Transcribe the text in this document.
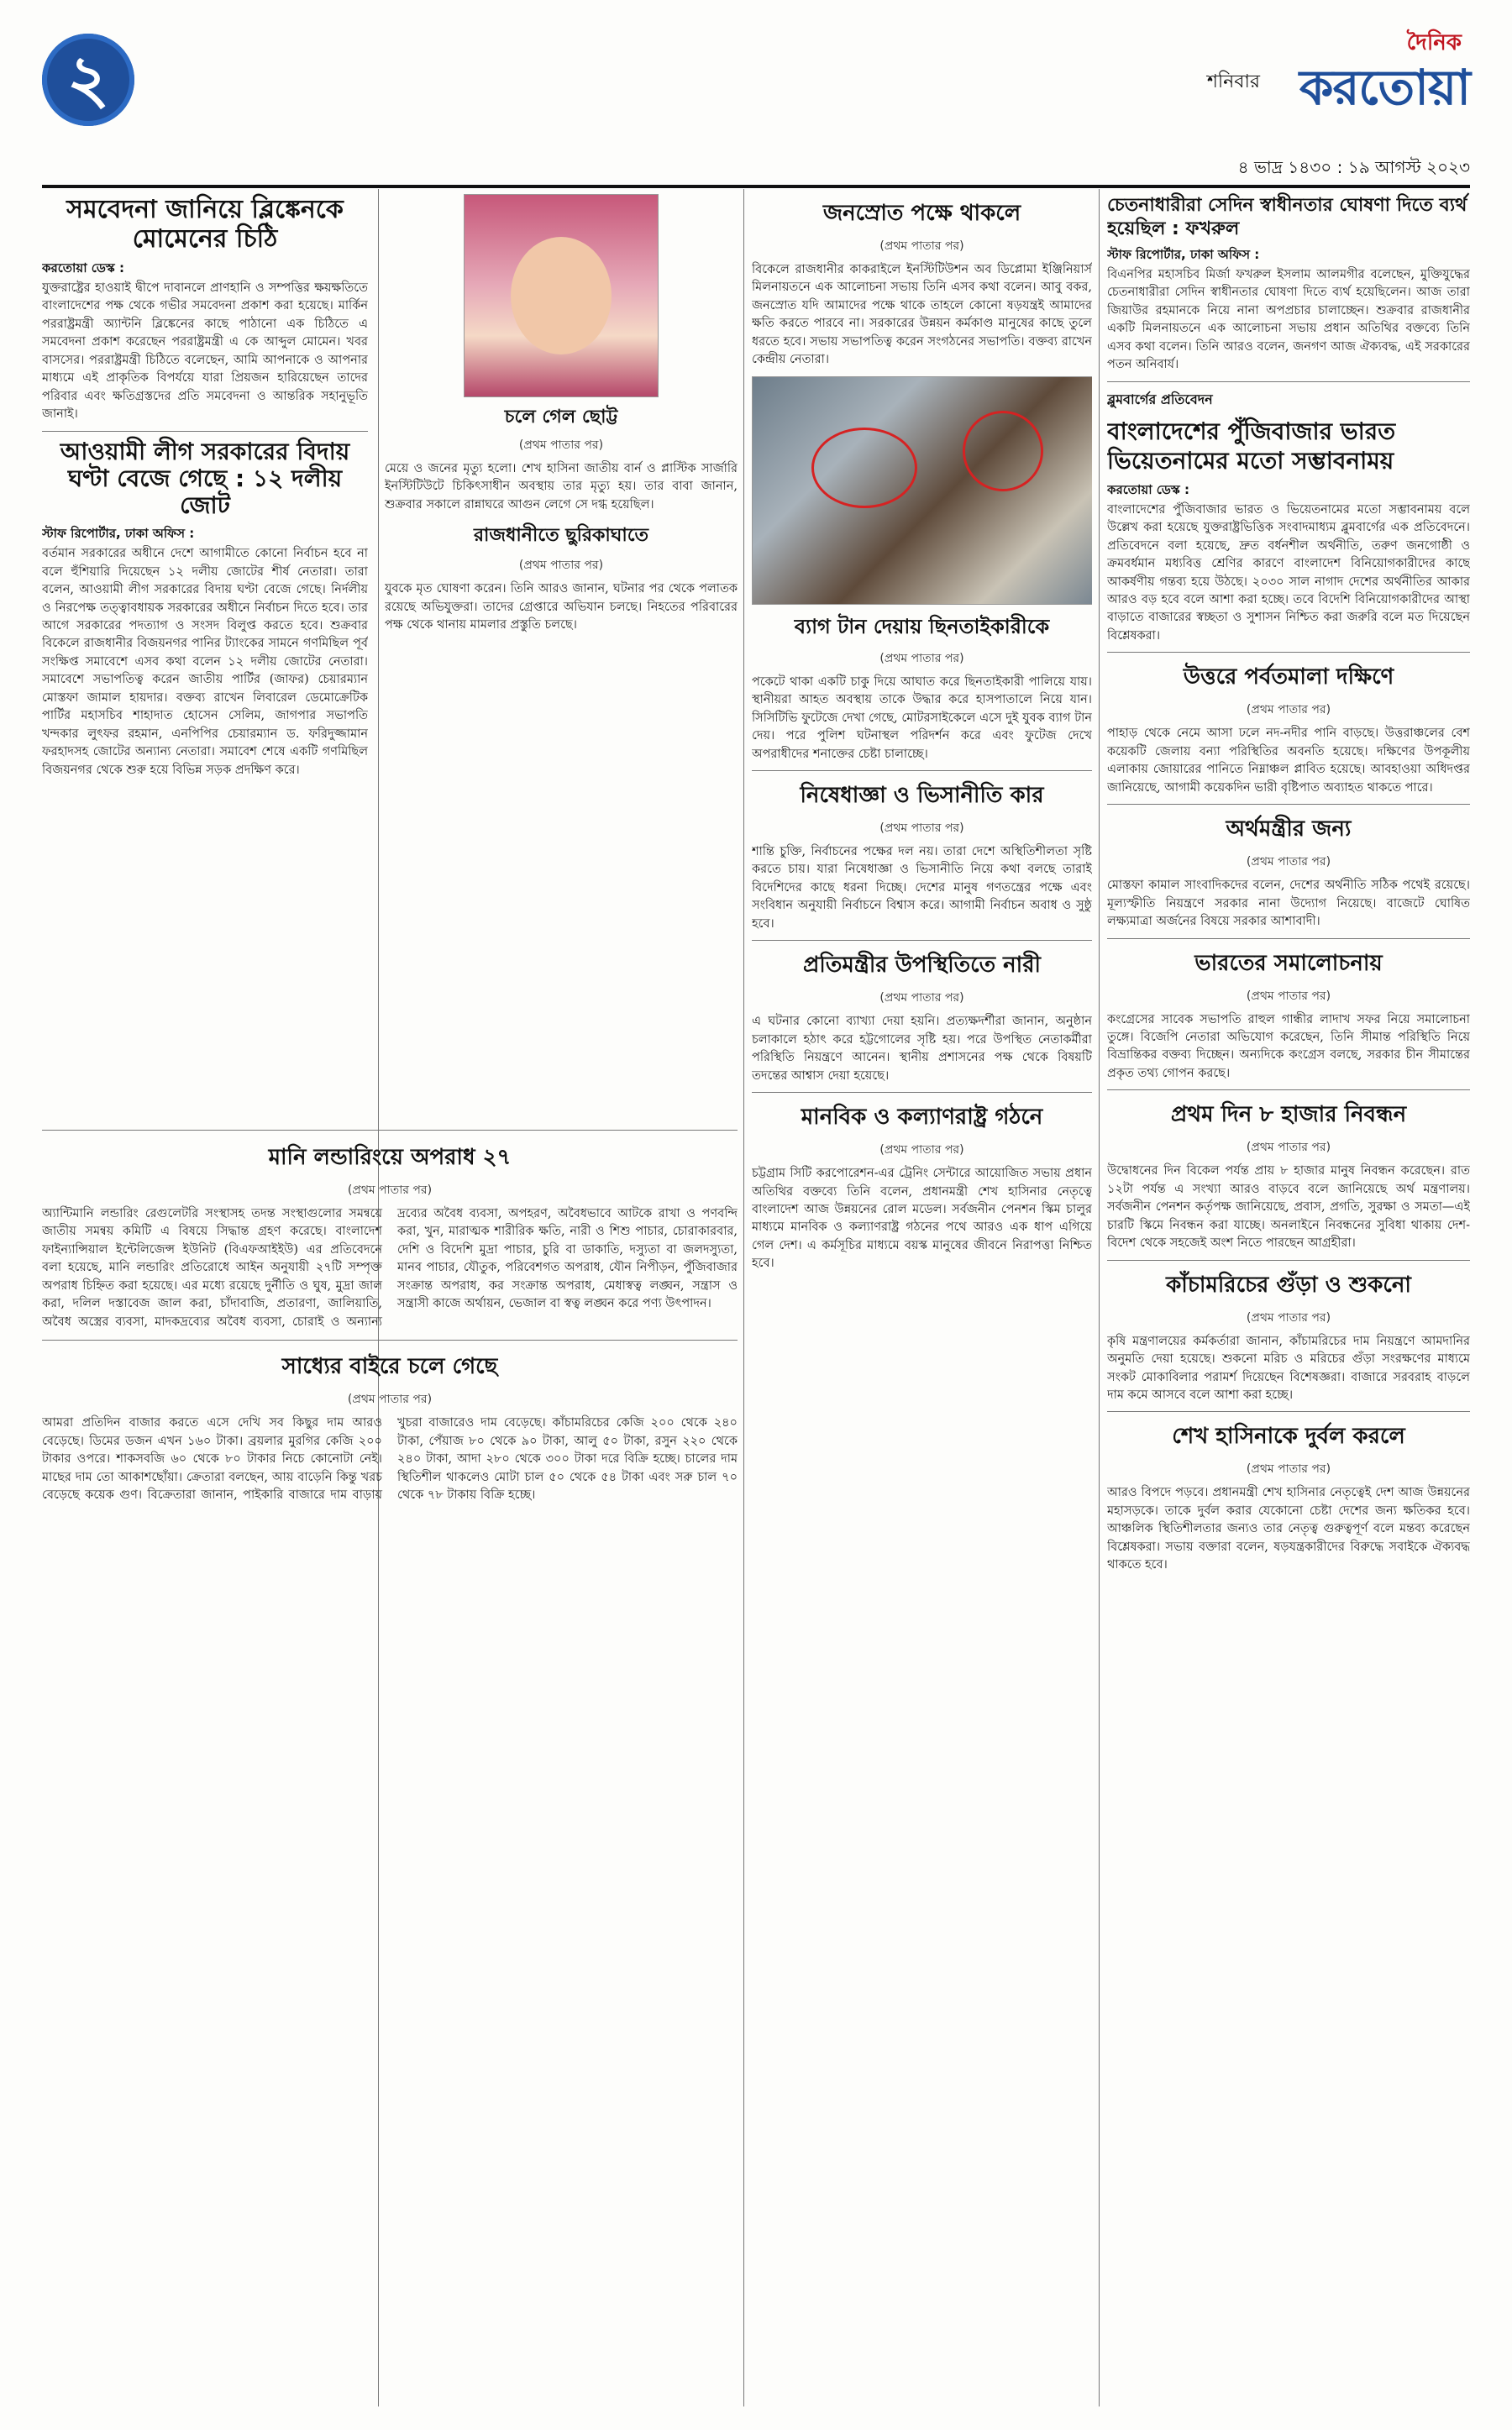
২	শনিবার
দৈনিক
করতোয়া
৪ ভাদ্র ১৪৩০ : ১৯ আগস্ট ২০২৩
সমবেদনা জানিয়ে ব্লিঙ্কেনকে মোমেনের চিঠি
করতোয়া ডেস্ক :

যুক্তরাষ্ট্রের হাওয়াই দ্বীপে দাবানলে প্রাণহানি ও সম্পত্তির ক্ষয়ক্ষতিতে বাংলাদেশের পক্ষ থেকে গভীর সমবেদনা প্রকাশ করা হয়েছে। মার্কিন পররাষ্ট্রমন্ত্রী অ্যান্টনি ব্লিঙ্কেনের কাছে পাঠানো এক চিঠিতে এ সমবেদনা প্রকাশ করেছেন পররাষ্ট্রমন্ত্রী এ কে আব্দুল মোমেন। খবর বাসসের। পররাষ্ট্রমন্ত্রী চিঠিতে বলেছেন, আমি আপনাকে ও আপনার মাধ্যমে এই প্রাকৃতিক বিপর্যয়ে যারা প্রিয়জন হারিয়েছেন তাদের পরিবার এবং ক্ষতিগ্রস্তদের প্রতি সমবেদনা ও আন্তরিক সহানুভূতি জানাই।

আওয়ামী লীগ সরকারের বিদায় ঘণ্টা বেজে গেছে : ১২ দলীয় জোট
স্টাফ রিপোর্টার, ঢাকা অফিস :

বর্তমান সরকারের অধীনে দেশে আগামীতে কোনো নির্বাচন হবে না বলে হুঁশিয়ারি দিয়েছেন ১২ দলীয় জোটের শীর্ষ নেতারা। তারা বলেন, আওয়ামী লীগ সরকারের বিদায় ঘণ্টা বেজে গেছে। নির্দলীয় ও নিরপেক্ষ তত্ত্বাবধায়ক সরকারের অধীনে নির্বাচন দিতে হবে। তার আগে সরকারের পদত্যাগ ও সংসদ বিলুপ্ত করতে হবে। শুক্রবার বিকেলে রাজধানীর বিজয়নগর পানির ট্যাংকের সামনে গণমিছিল পূর্ব সংক্ষিপ্ত সমাবেশে এসব কথা বলেন ১২ দলীয় জোটের নেতারা। সমাবেশে সভাপতিত্ব করেন জাতীয় পার্টির (জাফর) চেয়ারম্যান মোস্তফা জামাল হায়দার। বক্তব্য রাখেন লিবারেল ডেমোক্রেটিক পার্টির মহাসচিব শাহাদাত হোসেন সেলিম, জাগপার সভাপতি খন্দকার লুৎফর রহমান, এনপিপির চেয়ারম্যান ড. ফরিদুজ্জামান ফরহাদসহ জোটের অন্যান্য নেতারা। সমাবেশ শেষে একটি গণমিছিল বিজয়নগর থেকে শুরু হয়ে বিভিন্ন সড়ক প্রদক্ষিণ করে।

চলে গেল ছোট্ট
(প্রথম পাতার পর)

মেয়ে ও জনের মৃত্যু হলো। শেখ হাসিনা জাতীয় বার্ন ও প্লাস্টিক সার্জারি ইনস্টিটিউটে চিকিৎসাধীন অবস্থায় তার মৃত্যু হয়। তার বাবা জানান, শুক্রবার সকালে রান্নাঘরে আগুন লেগে সে দগ্ধ হয়েছিল।

রাজধানীতে ছুরিকাঘাতে
(প্রথম পাতার পর)

যুবকে মৃত ঘোষণা করেন। তিনি আরও জানান, ঘটনার পর থেকে পলাতক রয়েছে অভিযুক্তরা। তাদের গ্রেপ্তারে অভিযান চলছে। নিহতের পরিবারের পক্ষ থেকে থানায় মামলার প্রস্তুতি চলছে।

মানি লন্ডারিংয়ে অপরাধ ২৭
(প্রথম পাতার পর)

অ্যান্টিমানি লন্ডারিং রেগুলেটরি সংস্থাসহ তদন্ত সংস্থাগুলোর সমন্বয়ে জাতীয় সমন্বয় কমিটি এ বিষয়ে সিদ্ধান্ত গ্রহণ করেছে। বাংলাদেশ ফাইন্যান্সিয়াল ইন্টেলিজেন্স ইউনিট (বিএফআইইউ) এর প্রতিবেদনে বলা হয়েছে, মানি লন্ডারিং প্রতিরোধে আইন অনুযায়ী ২৭টি সম্পৃক্ত অপরাধ চিহ্নিত করা হয়েছে। এর মধ্যে রয়েছে দুর্নীতি ও ঘুষ, মুদ্রা জাল করা, দলিল দস্তাবেজ জাল করা, চাঁদাবাজি, প্রতারণা, জালিয়াতি, অবৈধ অস্ত্রের ব্যবসা, মাদকদ্রব্যের অবৈধ ব্যবসা, চোরাই ও অন্যান্য দ্রব্যের অবৈধ ব্যবসা, অপহরণ, অবৈধভাবে আটকে রাখা ও পণবন্দি করা, খুন, মারাত্মক শারীরিক ক্ষতি, নারী ও শিশু পাচার, চোরাকারবার, দেশি ও বিদেশি মুদ্রা পাচার, চুরি বা ডাকাতি, দস্যুতা বা জলদস্যুতা, মানব পাচার, যৌতুক, পরিবেশগত অপরাধ, যৌন নিপীড়ন, পুঁজিবাজার সংক্রান্ত অপরাধ, কর সংক্রান্ত অপরাধ, মেধাস্বত্ব লঙ্ঘন, সন্ত্রাস ও সন্ত্রাসী কাজে অর্থায়ন, ভেজাল বা স্বত্ব লঙ্ঘন করে পণ্য উৎপাদন।

সাধ্যের বাইরে চলে গেছে
(প্রথম পাতার পর)

আমরা প্রতিদিন বাজার করতে এসে দেখি সব কিছুর দাম আরও বেড়েছে। ডিমের ডজন এখন ১৬০ টাকা। ব্রয়লার মুরগির কেজি ২০০ টাকার ওপরে। শাকসবজি ৬০ থেকে ৮০ টাকার নিচে কোনোটা নেই। মাছের দাম তো আকাশছোঁয়া। ক্রেতারা বলছেন, আয় বাড়েনি কিন্তু খরচ বেড়েছে কয়েক গুণ। বিক্রেতারা জানান, পাইকারি বাজারে দাম বাড়ায় খুচরা বাজারেও দাম বেড়েছে। কাঁচামরিচের কেজি ২০০ থেকে ২৪০ টাকা, পেঁয়াজ ৮০ থেকে ৯০ টাকা, আলু ৫০ টাকা, রসুন ২২০ থেকে ২৪০ টাকা, আদা ২৮০ থেকে ৩০০ টাকা দরে বিক্রি হচ্ছে। চালের দাম স্থিতিশীল থাকলেও মোটা চাল ৫০ থেকে ৫৪ টাকা এবং সরু চাল ৭০ থেকে ৭৮ টাকায় বিক্রি হচ্ছে।

জনস্রোত পক্ষে থাকলে
(প্রথম পাতার পর)

বিকেলে রাজধানীর কাকরাইলে ইনস্টিটিউশন অব ডিপ্লোমা ইঞ্জিনিয়ার্স মিলনায়তনে এক আলোচনা সভায় তিনি এসব কথা বলেন। আবু বকর, জনস্রোত যদি আমাদের পক্ষে থাকে তাহলে কোনো ষড়যন্ত্রই আমাদের ক্ষতি করতে পারবে না। সরকারের উন্নয়ন কর্মকাণ্ড মানুষের কাছে তুলে ধরতে হবে। সভায় সভাপতিত্ব করেন সংগঠনের সভাপতি। বক্তব্য রাখেন কেন্দ্রীয় নেতারা।

ব্যাগ টান দেয়ায় ছিনতাইকারীকে
(প্রথম পাতার পর)

পকেটে থাকা একটি চাকু দিয়ে আঘাত করে ছিনতাইকারী পালিয়ে যায়। স্থানীয়রা আহত অবস্থায় তাকে উদ্ধার করে হাসপাতালে নিয়ে যান। সিসিটিভি ফুটেজে দেখা গেছে, মোটরসাইকেলে এসে দুই যুবক ব্যাগ টান দেয়। পরে পুলিশ ঘটনাস্থল পরিদর্শন করে এবং ফুটেজ দেখে অপরাধীদের শনাক্তের চেষ্টা চালাচ্ছে।

নিষেধাজ্ঞা ও ভিসানীতি কার
(প্রথম পাতার পর)

শান্তি চুক্তি, নির্বাচনের পক্ষের দল নয়। তারা দেশে অস্থিতিশীলতা সৃষ্টি করতে চায়। যারা নিষেধাজ্ঞা ও ভিসানীতি নিয়ে কথা বলছে তারাই বিদেশিদের কাছে ধরনা দিচ্ছে। দেশের মানুষ গণতন্ত্রের পক্ষে এবং সংবিধান অনুযায়ী নির্বাচনে বিশ্বাস করে। আগামী নির্বাচন অবাধ ও সুষ্ঠু হবে।

প্রতিমন্ত্রীর উপস্থিতিতে নারী
(প্রথম পাতার পর)

এ ঘটনার কোনো ব্যাখ্যা দেয়া হয়নি। প্রত্যক্ষদর্শীরা জানান, অনুষ্ঠান চলাকালে হঠাৎ করে হট্টগোলের সৃষ্টি হয়। পরে উপস্থিত নেতাকর্মীরা পরিস্থিতি নিয়ন্ত্রণে আনেন। স্থানীয় প্রশাসনের পক্ষ থেকে বিষয়টি তদন্তের আশ্বাস দেয়া হয়েছে।

মানবিক ও কল্যাণরাষ্ট্র গঠনে
(প্রথম পাতার পর)

চট্টগ্রাম সিটি করপোরেশন-এর ট্রেনিং সেন্টারে আয়োজিত সভায় প্রধান অতিথির বক্তব্যে তিনি বলেন, প্রধানমন্ত্রী শেখ হাসিনার নেতৃত্বে বাংলাদেশ আজ উন্নয়নের রোল মডেল। সর্বজনীন পেনশন স্কিম চালুর মাধ্যমে মানবিক ও কল্যাণরাষ্ট্র গঠনের পথে আরও এক ধাপ এগিয়ে গেল দেশ। এ কর্মসূচির মাধ্যমে বয়স্ক মানুষের জীবনে নিরাপত্তা নিশ্চিত হবে।

চেতনাধারীরা সেদিন স্বাধীনতার ঘোষণা দিতে ব্যর্থ হয়েছিল : ফখরুল
স্টাফ রিপোর্টার, ঢাকা অফিস :

বিএনপির মহাসচিব মির্জা ফখরুল ইসলাম আলমগীর বলেছেন, মুক্তিযুদ্ধের চেতনাধারীরা সেদিন স্বাধীনতার ঘোষণা দিতে ব্যর্থ হয়েছিলেন। আজ তারা জিয়াউর রহমানকে নিয়ে নানা অপপ্রচার চালাচ্ছেন। শুক্রবার রাজধানীর একটি মিলনায়তনে এক আলোচনা সভায় প্রধান অতিথির বক্তব্যে তিনি এসব কথা বলেন। তিনি আরও বলেন, জনগণ আজ ঐক্যবদ্ধ, এই সরকারের পতন অনিবার্য।

ব্লুমবার্গের প্রতিবেদন
বাংলাদেশের পুঁজিবাজার ভারত ভিয়েতনামের মতো সম্ভাবনাময়
করতোয়া ডেস্ক :

বাংলাদেশের পুঁজিবাজার ভারত ও ভিয়েতনামের মতো সম্ভাবনাময় বলে উল্লেখ করা হয়েছে যুক্তরাষ্ট্রভিত্তিক সংবাদমাধ্যম ব্লুমবার্গের এক প্রতিবেদনে। প্রতিবেদনে বলা হয়েছে, দ্রুত বর্ধনশীল অর্থনীতি, তরুণ জনগোষ্ঠী ও ক্রমবর্ধমান মধ্যবিত্ত শ্রেণির কারণে বাংলাদেশ বিনিয়োগকারীদের কাছে আকর্ষণীয় গন্তব্য হয়ে উঠছে। ২০৩০ সাল নাগাদ দেশের অর্থনীতির আকার আরও বড় হবে বলে আশা করা হচ্ছে। তবে বিদেশি বিনিয়োগকারীদের আস্থা বাড়াতে বাজারের স্বচ্ছতা ও সুশাসন নিশ্চিত করা জরুরি বলে মত দিয়েছেন বিশ্লেষকরা।

উত্তরে পর্বতমালা দক্ষিণে
(প্রথম পাতার পর)

পাহাড় থেকে নেমে আসা ঢলে নদ-নদীর পানি বাড়ছে। উত্তরাঞ্চলের বেশ কয়েকটি জেলায় বন্যা পরিস্থিতির অবনতি হয়েছে। দক্ষিণের উপকূলীয় এলাকায় জোয়ারের পানিতে নিম্নাঞ্চল প্লাবিত হয়েছে। আবহাওয়া অধিদপ্তর জানিয়েছে, আগামী কয়েকদিন ভারী বৃষ্টিপাত অব্যাহত থাকতে পারে।

অর্থমন্ত্রীর জন্য
(প্রথম পাতার পর)

মোস্তফা কামাল সাংবাদিকদের বলেন, দেশের অর্থনীতি সঠিক পথেই রয়েছে। মূল্যস্ফীতি নিয়ন্ত্রণে সরকার নানা উদ্যোগ নিয়েছে। বাজেটে ঘোষিত লক্ষ্যমাত্রা অর্জনের বিষয়ে সরকার আশাবাদী।

ভারতের সমালোচনায়
(প্রথম পাতার পর)

কংগ্রেসের সাবেক সভাপতি রাহুল গান্ধীর লাদাখ সফর নিয়ে সমালোচনা তুঙ্গে। বিজেপি নেতারা অভিযোগ করেছেন, তিনি সীমান্ত পরিস্থিতি নিয়ে বিভ্রান্তিকর বক্তব্য দিচ্ছেন। অন্যদিকে কংগ্রেস বলছে, সরকার চীন সীমান্তের প্রকৃত তথ্য গোপন করছে।

প্রথম দিন ৮ হাজার নিবন্ধন
(প্রথম পাতার পর)

উদ্বোধনের দিন বিকেল পর্যন্ত প্রায় ৮ হাজার মানুষ নিবন্ধন করেছেন। রাত ১২টা পর্যন্ত এ সংখ্যা আরও বাড়বে বলে জানিয়েছে অর্থ মন্ত্রণালয়। সর্বজনীন পেনশন কর্তৃপক্ষ জানিয়েছে, প্রবাস, প্রগতি, সুরক্ষা ও সমতা—এই চারটি স্কিমে নিবন্ধন করা যাচ্ছে। অনলাইনে নিবন্ধনের সুবিধা থাকায় দেশ-বিদেশ থেকে সহজেই অংশ নিতে পারছেন আগ্রহীরা।

কাঁচামরিচের গুঁড়া ও শুকনো
(প্রথম পাতার পর)

কৃষি মন্ত্রণালয়ের কর্মকর্তারা জানান, কাঁচামরিচের দাম নিয়ন্ত্রণে আমদানির অনুমতি দেয়া হয়েছে। শুকনো মরিচ ও মরিচের গুঁড়া সংরক্ষণের মাধ্যমে সংকট মোকাবিলার পরামর্শ দিয়েছেন বিশেষজ্ঞরা। বাজারে সরবরাহ বাড়লে দাম কমে আসবে বলে আশা করা হচ্ছে।

শেখ হাসিনাকে দুর্বল করলে
(প্রথম পাতার পর)

আরও বিপদে পড়বে। প্রধানমন্ত্রী শেখ হাসিনার নেতৃত্বেই দেশ আজ উন্নয়নের মহাসড়কে। তাকে দুর্বল করার যেকোনো চেষ্টা দেশের জন্য ক্ষতিকর হবে। আঞ্চলিক স্থিতিশীলতার জন্যও তার নেতৃত্ব গুরুত্বপূর্ণ বলে মন্তব্য করেছেন বিশ্লেষকরা। সভায় বক্তারা বলেন, ষড়যন্ত্রকারীদের বিরুদ্ধে সবাইকে ঐক্যবদ্ধ থাকতে হবে।
